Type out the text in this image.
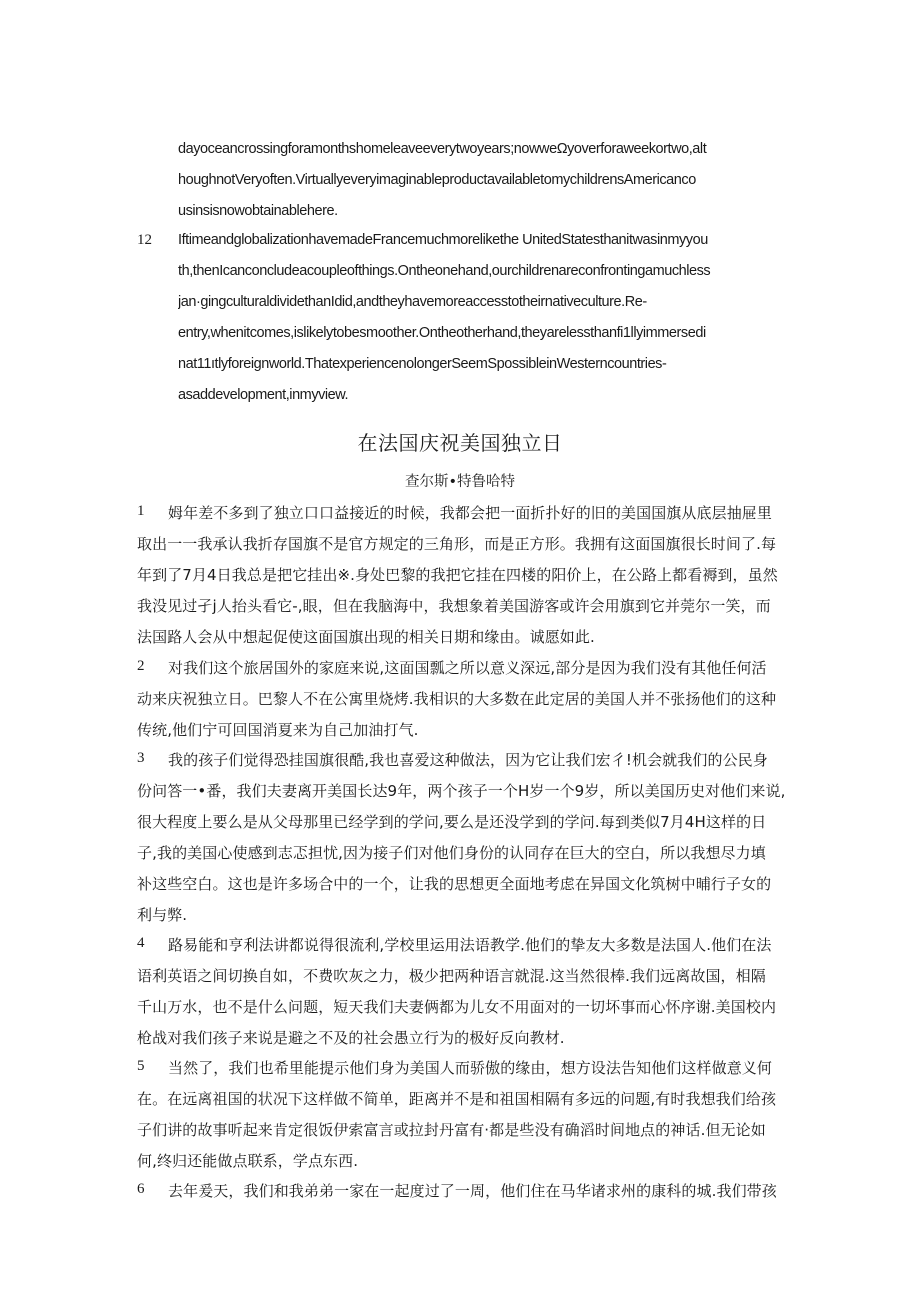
dayoceancrossingforamonthshomeleaveeverytwoyears;nowweΩyoverforaweekortwo,alt
houghnotVeryoften.VirtuallyeveryimaginableproductavailabletomychildrensAmericanco
usinsisnowobtainablehere.
12 IftimeandglobalizationhavemadeFrancemuchmorelikethe UnitedStatesthanitwasinmyyou
th,thenIcanconcludeacoupleofthings.Ontheonehand,ourchildrenareconfrontingamuchless
jan·gingculturaldividethanIdid,andtheyhavemoreaccesstotheirnativeculture.Re-
entry,whenitcomes,islikelytobesmoother.Ontheotherhand,theyarelessthanfi1llyimmersedi
nat11ıtlyforeignworld.ThatexperiencenolongerSeemSpossibleinWesterncountries-
asaddevelopment,inmyview.
在法国庆祝美国独立日
查尔斯•特鲁哈特
1 姆年差不多到了独立口口益接近的时候，我都会把一面折扑好的旧的美国国旗从底层抽屉里
取出一一我承认我折存国旗不是官方规定的三角形，而是正方形。我拥有这面国旗很长时间了.每
年到了7月4日我总是把它挂出※.身处巴黎的我把它挂在四楼的阳价上，在公路上都看褥到，虽然
我没见过孑j人抬头看它-,眼，但在我脑海中，我想象着美国游客或许会用旗到它并莞尔一笑，而
法国路人会从中想起促使这面国旗出现的相关日期和缘由。诚愿如此.
2 对我们这个旅居国外的家庭来说,这面国瓢之所以意义深远,部分是因为我们没有其他任何活
动来庆祝独立日。巴黎人不在公寓里烧烤.我相识的大多数在此定居的美国人并不张扬他们的这种
传统,他们宁可回国消夏来为自己加油打气.
3 我的孩子们觉得恐挂国旗很酷,我也喜爱这种做法，因为它让我们宏彳!机会就我们的公民身
份问答一•番，我们夫妻离开美国长达9年，两个孩子一个H岁一个9岁，所以美国历史对他们来说,
很大程度上要么是从父母那里已经学到的学问,要么是还没学到的学问.每到类似7月4H这样的日
子,我的美国心使感到志忑担忧,因为接子们对他们身份的认同存在巨大的空白，所以我想尽力填
补这些空白。这也是许多场合中的一个，让我的思想更全面地考虑在异国文化筑树中晡行子女的
利与弊.
4 路易能和亨利法讲都说得很流利,学校里运用法语教学.他们的挚友大多数是法国人.他们在法
语利英语之间切换自如，不费吹灰之力，极少把两种语言就混.这当然很棒.我们远离故国，相隔
千山万水，也不是什么问题，短天我们夫妻俩都为儿女不用面对的一切坏事而心怀序谢.美国校内
枪战对我们孩子来说是避之不及的社会愚立行为的极好反向教材.
5 当然了，我们也希里能提示他们身为美国人而骄傲的缘由，想方设法告知他们这样做意义何
在。在远离祖国的状况下这样做不简单，距离并不是和祖国相隔有多远的问题,有时我想我们给孩
子们讲的故事听起来肯定很饭伊索富言或拉封丹富有·都是些没有确滔时间地点的神话.但无论如
何,终归还能做点联系，学点东西.
6 去年爰天，我们和我弟弟一家在一起度过了一周，他们住在马华诸求州的康科的城.我们带孩
